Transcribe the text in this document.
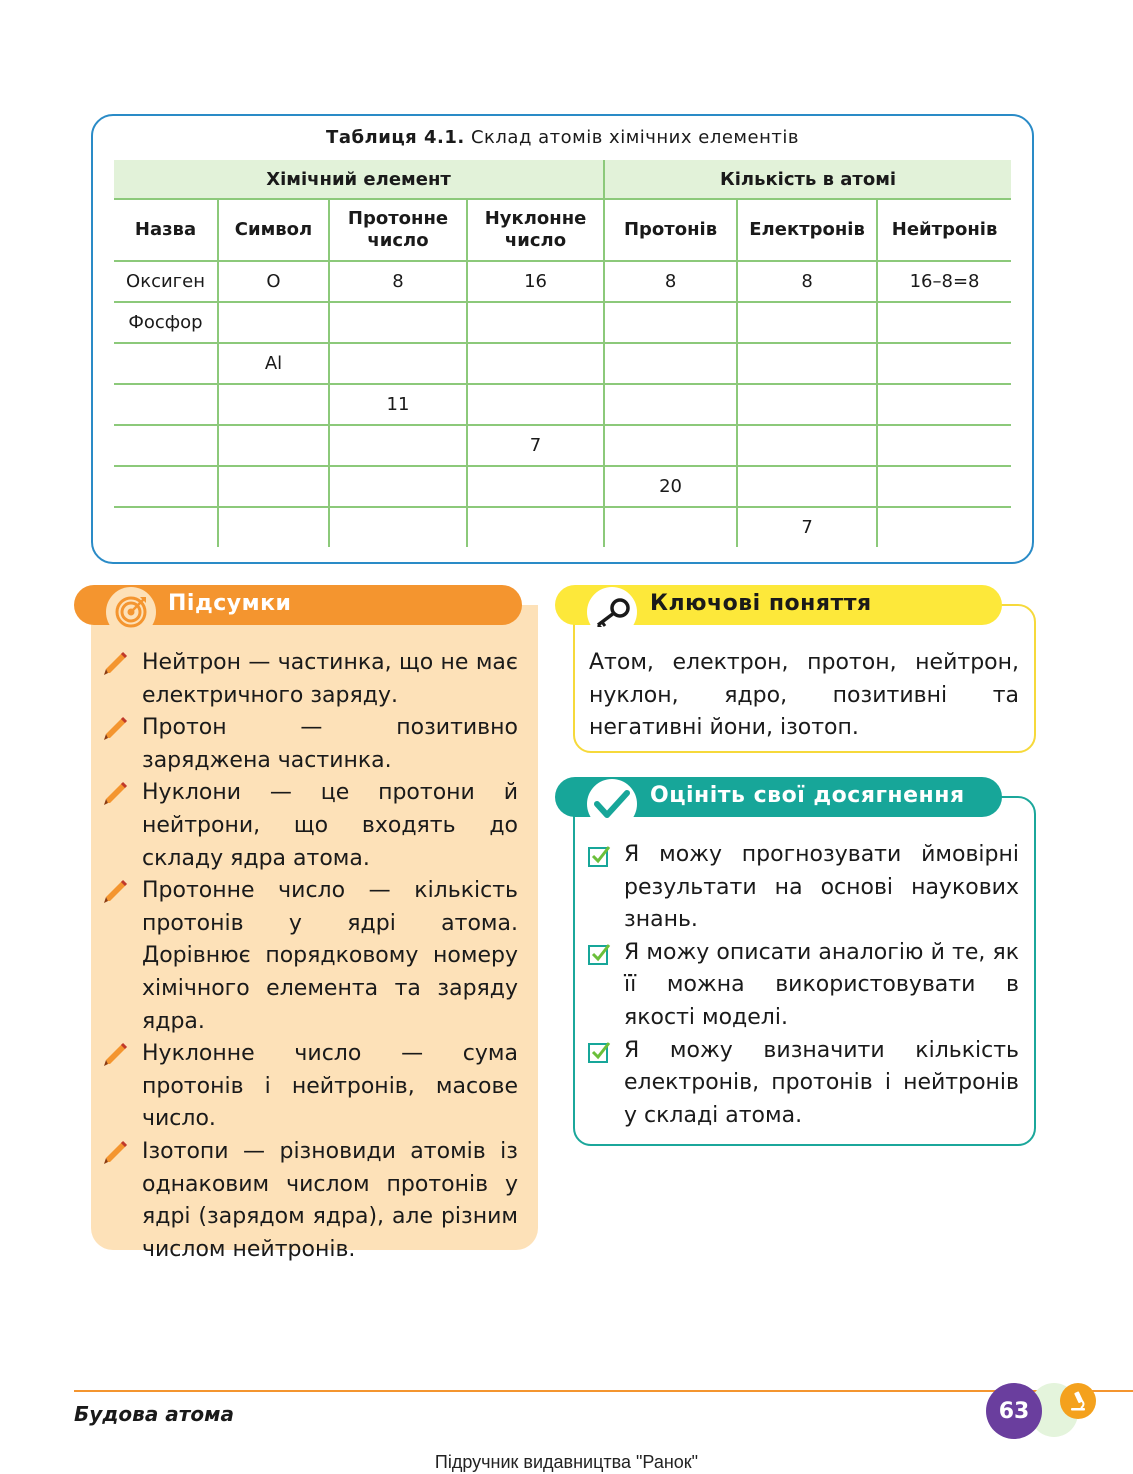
Таблиця 4.1. Склад атомів хімічних елементів
Хімічний елемент				Кількість в атомі		
Назва	Символ	Протонне число	Нуклонне число	Протонів	Електронів	Нейтронів
Оксиген	O	8	16	8	8	16–8=8
Фосфор						
	Al					
		11				
			7			
				20		
					7	
Підсумки
Нейтрон — частинка, що не має електричного заряду.
Протон — позитивно заряджена частинка.
Нуклони — це протони й нейтрони, що входять до складу ядра атома.
Протонне число — кількість протонів у ядрі атома. Дорівнює порядковому номеру хімічного елемента та заряду ядра.
Нуклонне число — сума протонів і нейтронів, масове число.
Ізотопи — різновиди атомів із однаковим числом протонів у ядрі (зарядом ядра), але різним числом нейтронів.
Ключові поняття

Атом, електрон, протон, нейтрон, нуклон, ядро, позитивні та негативні йони, ізотоп.

Оцініть свої досягнення
Я можу прогнозувати ймовірні результати на основі наукових знань.
Я можу описати аналогію й те, як її можна використовувати в якості моделі.
Я можу визначити кількість електронів, протонів і нейтронів у складі атома.
Будова атома	63
Підручник видавництва "Ранок"
